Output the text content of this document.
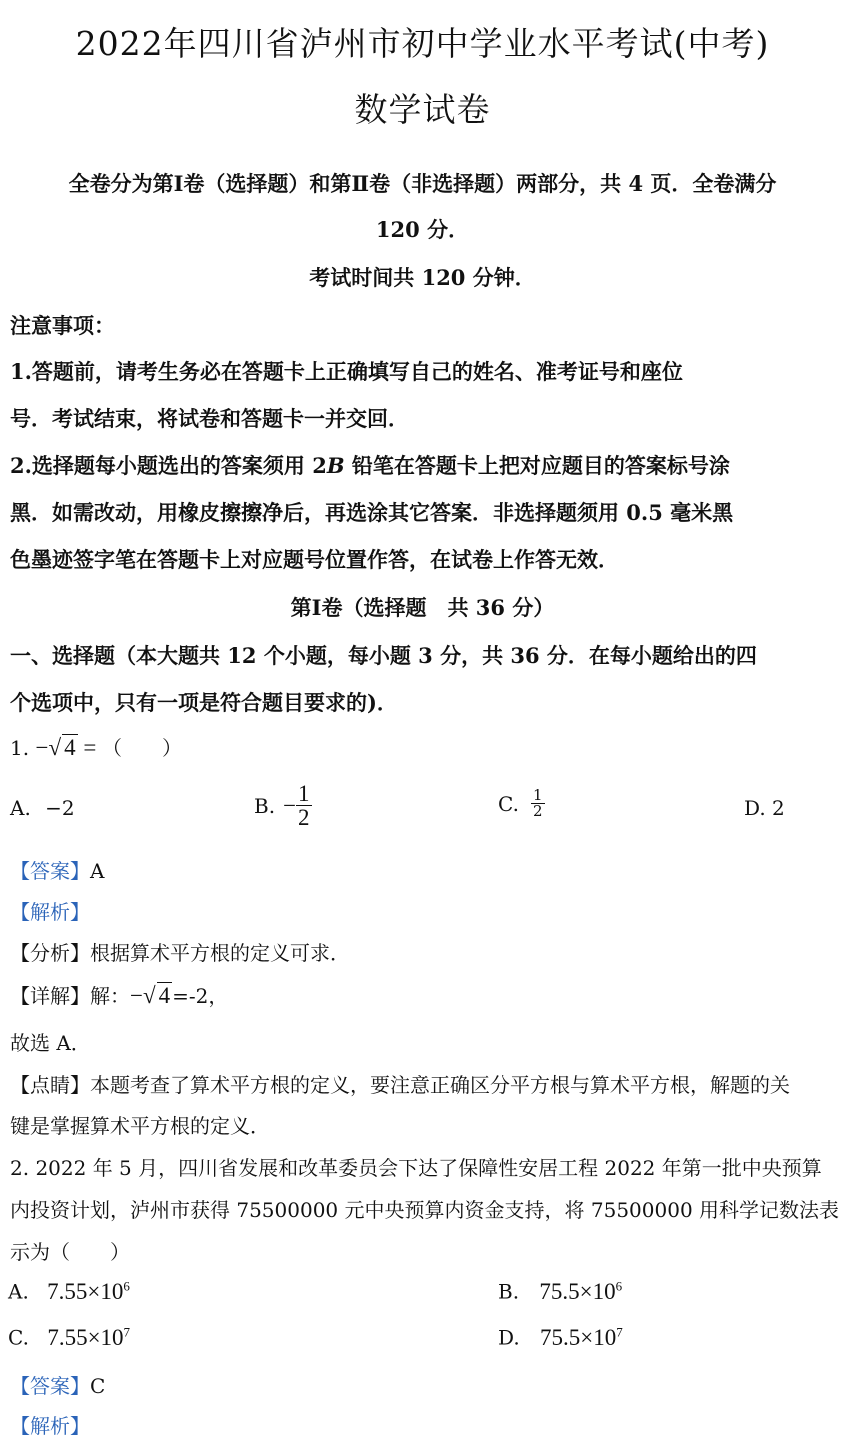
2022年四川省泸州市初中学业水平考试(中考)
数学试卷
全卷分为第Ⅰ卷（选择题）和第Ⅱ卷（非选择题）两部分，共 4 页．全卷满分
120 分．
考试时间共 120 分钟．
注意事项：
1.答题前，请考生务必在答题卡上正确填写自己的姓名、准考证号和座位
号．考试结束，将试卷和答题卡一并交回．
2.选择题每小题选出的答案须用 2B 铅笔在答题卡上把对应题目的答案标号涂
黑．如需改动，用橡皮擦擦净后，再选涂其它答案．非选择题须用 0.5 毫米黑
色墨迹签字笔在答题卡上对应题号位置作答，在试卷上作答无效．
第Ⅰ卷（选择题　共 36 分）
一、选择题（本大题共 12 个小题，每小题 3 分，共 36 分．在每小题给出的四
个选项中，只有一项是符合题目要求的)．
1. −√ 4 = （　　）
A. −2	B. − $\frac{1}{2}$	C. $\frac{1}{2}$	D. 2
【答案】A
【解析】
【分析】根据算术平方根的定义可求．
【详解】解：−√ 4 =-2，
故选 A．
【点睛】本题考查了算术平方根的定义，要注意正确区分平方根与算术平方根，解题的关
键是掌握算术平方根的定义．
2. 2022 年 5 月，四川省发展和改革委员会下达了保障性安居工程 2022 年第一批中央预算
内投资计划，泸州市获得 75500000 元中央预算内资金支持，将 75500000 用科学记数法表
示为（　　）
A. $7.55\times 10^6$	B. $75.5\times 10^6$
C. $7.55\times 10^7$	D. $75.5\times 10^7$
【答案】C
【解析】
